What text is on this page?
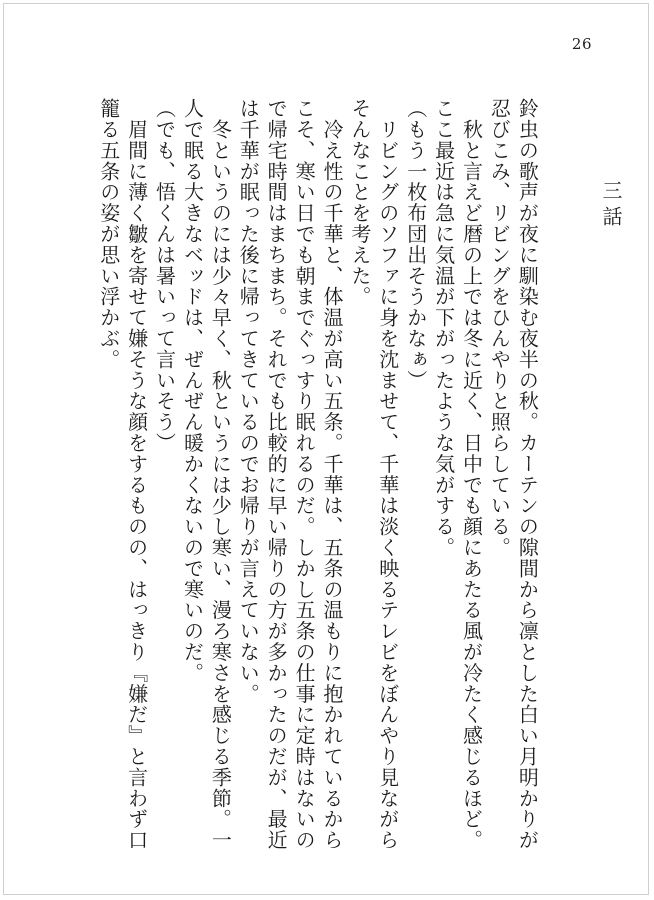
26
三話

鈴虫の歌声が夜に馴染む夜半の秋。カーテンの隙間から凛とした白い月明かりが忍びこみ、リビングをひんやりと照らしている。

　秋と言えど暦の上では冬に近く、日中でも顔にあたる風が冷たく感じるほど。ここ最近は急に気温が下がったような気がする。

（もう一枚布団出そうかなぁ）

　リビングのソファに身を沈ませて、千華は淡く映るテレビをぼんやり見ながらそんなことを考えた。

　冷え性の千華と、体温が高い五条。千華は、五条の温もりに抱かれているからこそ、寒い日でも朝までぐっすり眠れるのだ。しかし五条の仕事に定時はないので帰宅時間はまちまち。それでも比較的に早い帰りの方が多かったのだが、最近は千華が眠った後に帰ってきているのでお帰りが言えていない。

　冬というのには少々早く、秋というには少し寒い、漫ろ寒さを感じる季節。一人で眠る大きなベッドは、ぜんぜん暖かくないので寒いのだ。

（でも、悟くんは暑いって言いそう）

　眉間に薄く皺を寄せて嫌そうな顔をするものの、はっきり『嫌だ』と言わず口籠る五条の姿が思い浮かぶ。
